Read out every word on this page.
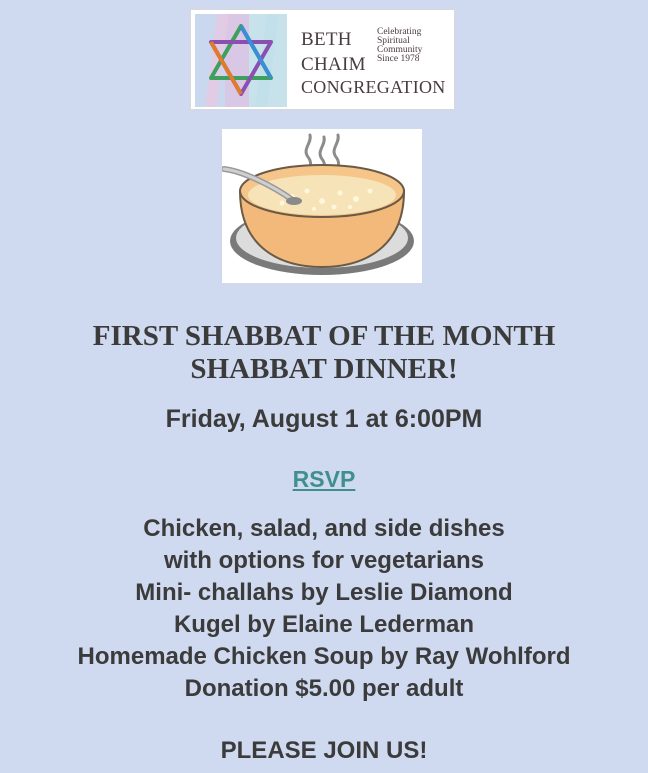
BETH
CHAIM
CONGREGATION
Celebrating
Spiritual
Community
Since 1978
FIRST SHABBAT OF THE MONTH
SHABBAT DINNER!
Friday, August 1 at 6:00PM
RSVP
Chicken, salad, and side dishes
with options for vegetarians
Mini- challahs by Leslie Diamond
Kugel by Elaine Lederman
Homemade Chicken Soup by Ray Wohlford
Donation $5.00 per adult
PLEASE JOIN US!
